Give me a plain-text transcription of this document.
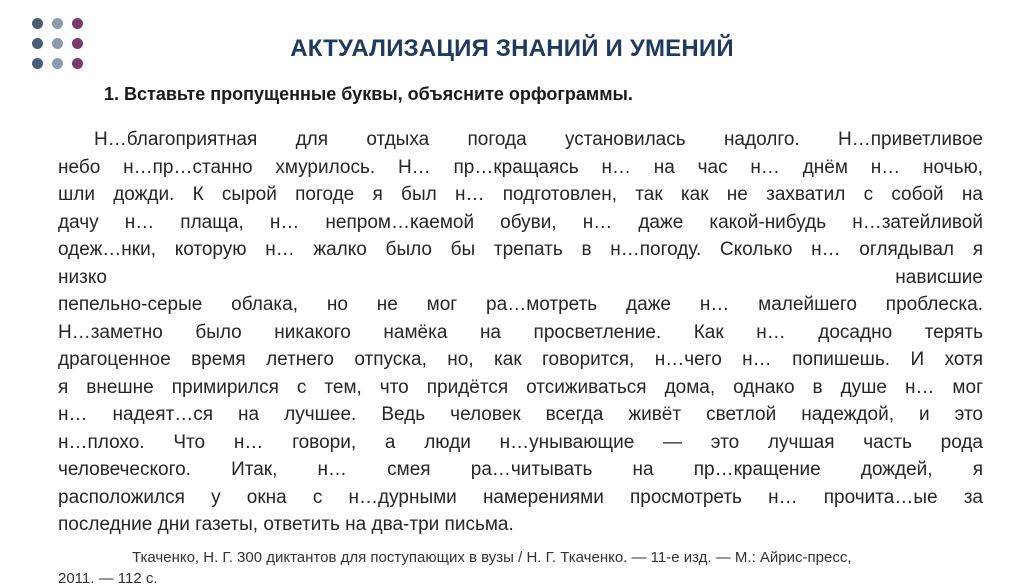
АКТУАЛИЗАЦИЯ ЗНАНИЙ И УМЕНИЙ

1. Вставьте пропущенные буквы, объясните орфограммы.

Н…благоприятная для отдыха погода установилась надолго. Н…приветливое
небо н…пр…станно хмурилось. Н… пр…кращаясь н… на час н… днём н… ночью,
шли дожди. К сырой погоде я был н… подготовлен, так как не захватил с собой на
дачу н… плаща, н… непром…каемой обуви, н… даже какой-нибудь н…затейливой
одеж…нки, которую н… жалко было бы трепать в н…погоду. Сколько н… оглядывал я
низко нависшие
пепельно-серые облака, но не мог ра…мотреть даже н… малейшего проблеска.
Н…заметно было никакого намёка на просветление. Как н… досадно терять
драгоценное время летнего отпуска, но, как говорится, н…чего н… попишешь. И хотя
я внешне примирился с тем, что придётся отсиживаться дома, однако в душе н… мог
н… надеят…ся на лучшее. Ведь человек всегда живёт светлой надеждой, и это
н…плохо. Что н… говори, а люди н…унывающие — это лучшая часть рода
человеческого. Итак, н… смея ра…читывать на пр…кращение дождей, я
расположился у окна с н…дурными намерениями просмотреть н… прочита…ые за
последние дни газеты, ответить на два-три письма.
Ткаченко, Н. Г. 300 диктантов для поступающих в вузы / Н. Г. Ткаченко. — 11-е изд. — М.: Айрис-пресс,
2011. — 112 с.
